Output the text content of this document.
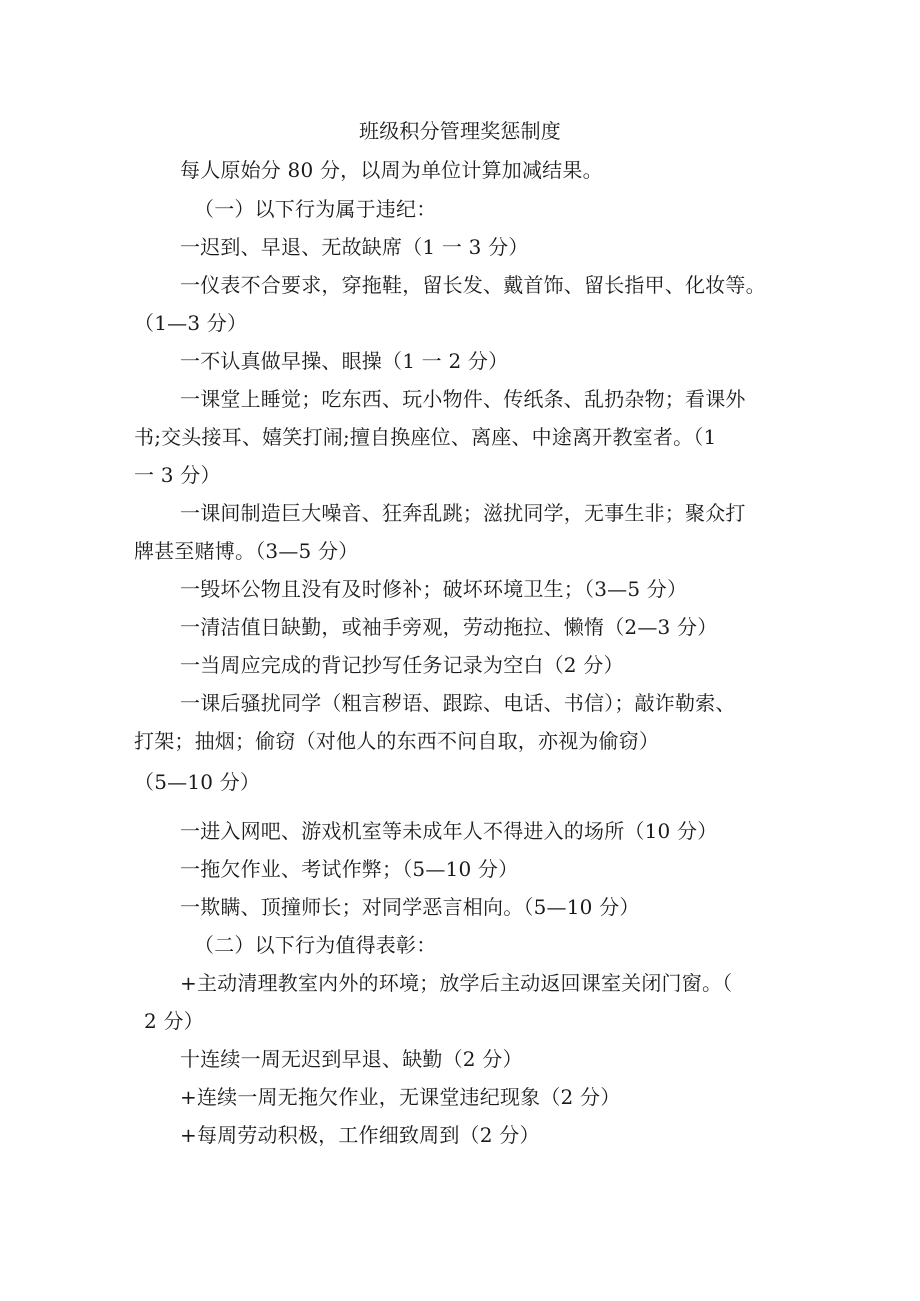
班级积分管理奖惩制度
每人原始分 80 分，以周为单位计算加减结果。
（一）以下行为属于违纪：
一迟到、早退、无故缺席（1 一 3 分）
一仪表不合要求，穿拖鞋，留长发、戴首饰、留长指甲、化妆等。
（1—3 分）
一不认真做早操、眼操（1 一 2 分）
一课堂上睡觉；吃东西、玩小物件、传纸条、乱扔杂物；看课外
书;交头接耳、嬉笑打闹;擅自换座位、离座、中途离开教室者。（1
一 3 分）
一课间制造巨大噪音、狂奔乱跳；滋扰同学，无事生非；聚众打
牌甚至赌博。（3—5 分）
一毁坏公物且没有及时修补；破坏环境卫生；（3—5 分）
一清洁值日缺勤，或袖手旁观，劳动拖拉、懒惰（2—3 分）
一当周应完成的背记抄写任务记录为空白（2 分）
一课后骚扰同学（粗言秽语、跟踪、电话、书信）；敲诈勒索、
打架；抽烟；偷窃（对他人的东西不问自取，亦视为偷窃）
（5—10 分）
一进入网吧、游戏机室等未成年人不得进入的场所（10 分）
一拖欠作业、考试作弊；（5—10 分）
一欺瞒、顶撞师长；对同学恶言相向。（5—10 分）
（二）以下行为值得表彰：
+主动清理教室内外的环境；放学后主动返回课室关闭门窗。（
2 分）
十连续一周无迟到早退、缺勤（2 分）
+连续一周无拖欠作业，无课堂违纪现象（2 分）
+每周劳动积极，工作细致周到（2 分）
